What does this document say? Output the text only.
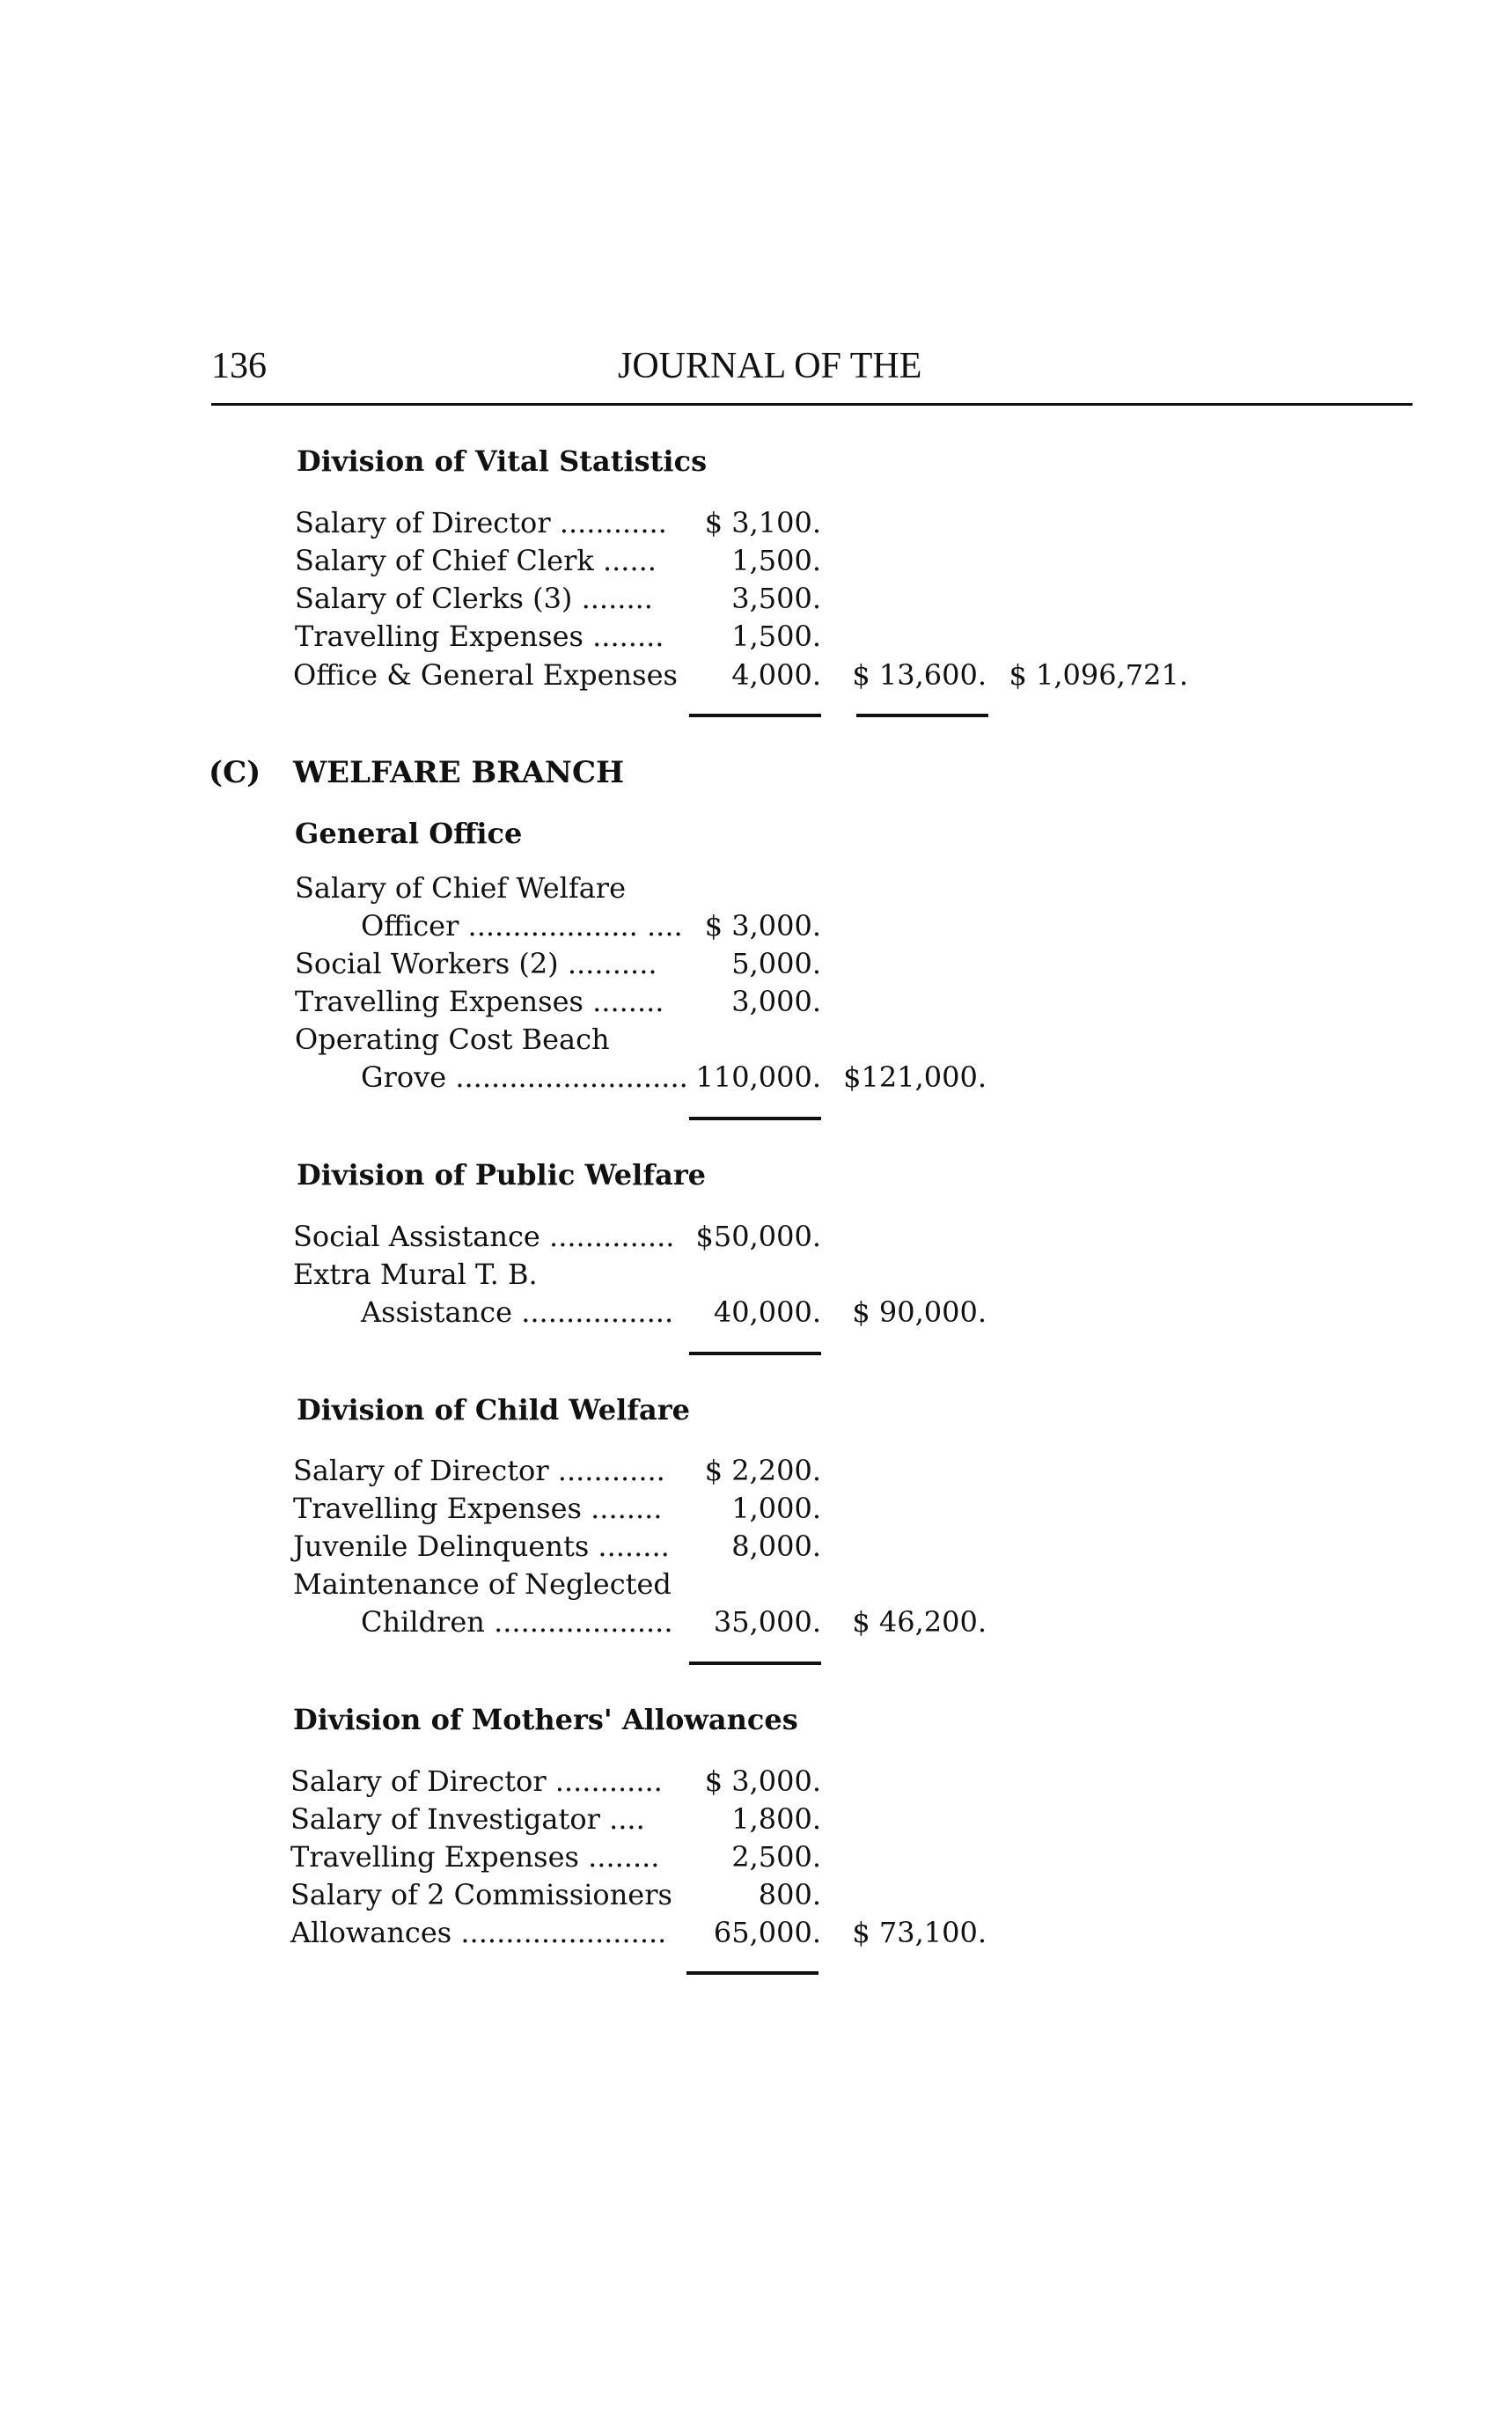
136	JOURNAL OF THE
Division of Vital Statistics
Salary of Director ............ $ 3,100.
Salary of Chief Clerk ......	1,500.
Salary of Clerks (3) ........	3,500.
Travelling Expenses ........ 1,500.
Office & General Expenses 4,000. $ 13,600. $ 1,096,721.
(C) WELFARE BRANCH
General Office
Salary of Chief Welfare
Officer ................... .... $ 3,000.
Social Workers (2) ..........	5,000.
Travelling Expenses ........ 3,000.
Operating Cost Beach
Grove .......................... 110,000. $121,000.
Division of Public Welfare
Social Assistance .............. $50,000.
Extra Mural T. B.
Assistance ................. 40,000. $ 90,000.
Division of Child Welfare
Salary of Director ............ $ 2,200.
Travelling Expenses ........ 1,000.
Juvenile Delinquents ........ 8,000.
Maintenance of Neglected
Children .................... 35,000. $ 46,200.
Division of Mothers' Allowances
Salary of Director ............ $ 3,000.
Salary of Investigator ....	1,800.
Travelling Expenses ........	2,500.
Salary of 2 Commissioners	800.
Allowances ....................... 65,000. $ 73,100.
